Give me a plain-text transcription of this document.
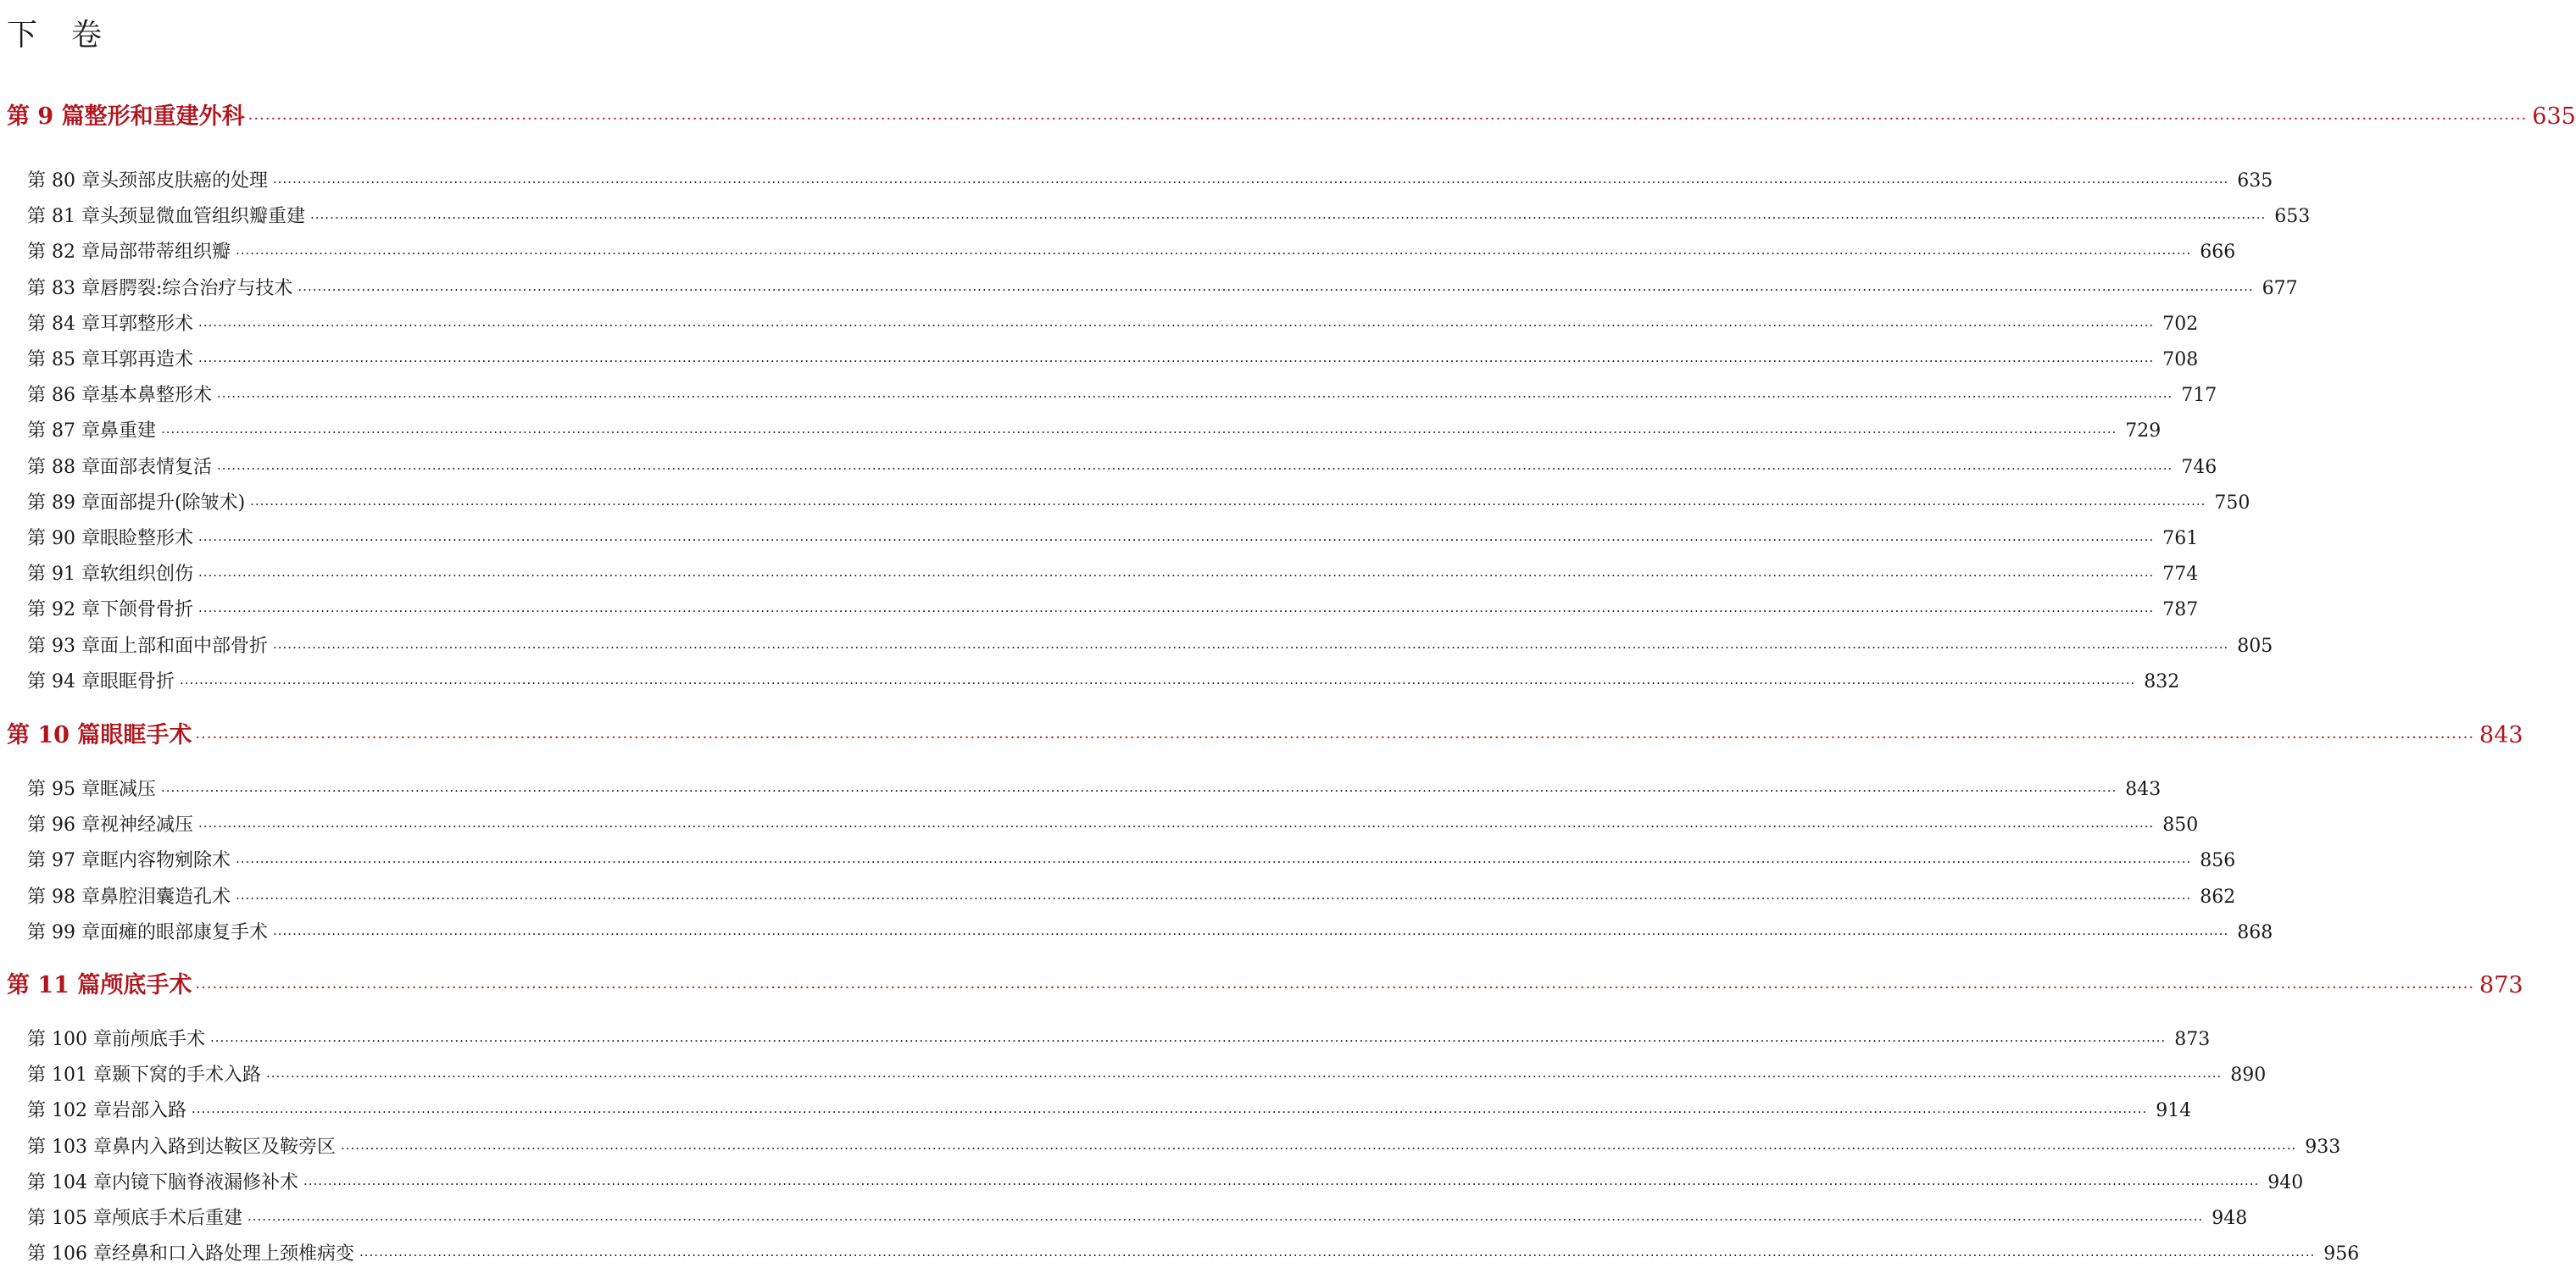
下　卷
第 9 篇 整形和重建外科 ················································································································································································································································································································································································································ 635
第 80 章 头颈部皮肤癌的处理 ················································································································································································································································································································································································································ 635
第 81 章 头颈显微血管组织瓣重建 ················································································································································································································································································································································································································ 653
第 82 章 局部带蒂组织瓣 ················································································································································································································································································································································································································ 666
第 83 章 唇腭裂:综合治疗与技术 ················································································································································································································································································································································································································ 677
第 84 章 耳郭整形术 ················································································································································································································································································································································································································ 702
第 85 章 耳郭再造术 ················································································································································································································································································································································································································ 708
第 86 章 基本鼻整形术 ················································································································································································································································································································································································································ 717
第 87 章 鼻重建 ················································································································································································································································································································································································································ 729
第 88 章 面部表情复活 ················································································································································································································································································································································································································ 746
第 89 章 面部提升(除皱术) ················································································································································································································································································································································································································ 750
第 90 章 眼睑整形术 ················································································································································································································································································································································································································ 761
第 91 章 软组织创伤 ················································································································································································································································································································································································································ 774
第 92 章 下颌骨骨折 ················································································································································································································································································································································································································ 787
第 93 章 面上部和面中部骨折 ················································································································································································································································································································································································································ 805
第 94 章 眼眶骨折 ················································································································································································································································································································································································································ 832
第 10 篇 眼眶手术 ················································································································································································································································································································································································································ 843
第 95 章 眶减压 ················································································································································································································································································································································································································ 843
第 96 章 视神经减压 ················································································································································································································································································································································································································ 850
第 97 章 眶内容物剜除术 ················································································································································································································································································································································································································ 856
第 98 章 鼻腔泪囊造孔术 ················································································································································································································································································································································································································ 862
第 99 章 面瘫的眼部康复手术 ················································································································································································································································································································································································································ 868
第 11 篇 颅底手术 ················································································································································································································································································································································································································ 873
第 100 章 前颅底手术 ················································································································································································································································································································································································································ 873
第 101 章 颞下窝的手术入路 ················································································································································································································································································································································································································ 890
第 102 章 岩部入路 ················································································································································································································································································································································································································ 914
第 103 章 鼻内入路到达鞍区及鞍旁区 ················································································································································································································································································································································································································ 933
第 104 章 内镜下脑脊液漏修补术 ················································································································································································································································································································································································································ 940
第 105 章 颅底手术后重建 ················································································································································································································································································································································································································ 948
第 106 章 经鼻和口入路处理上颈椎病变 ················································································································································································································································································································································································································ 956
